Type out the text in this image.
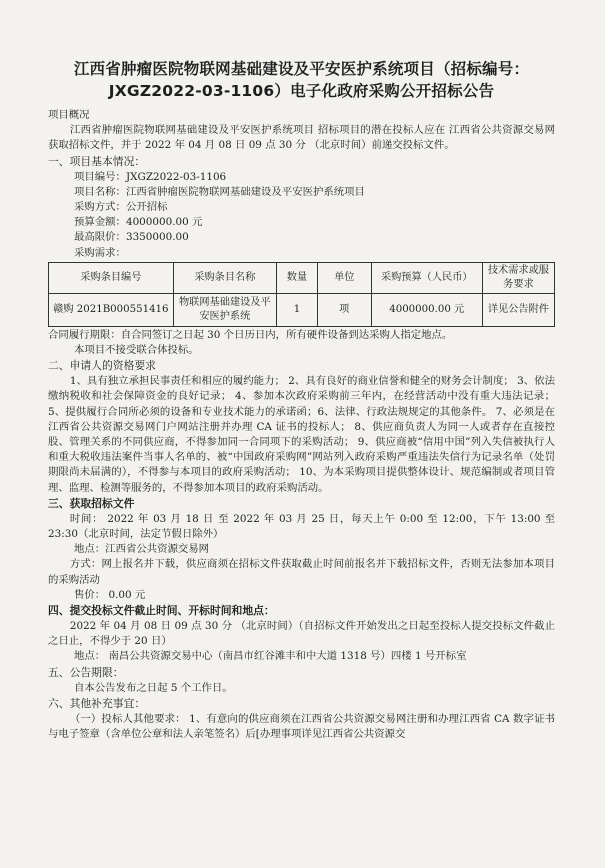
江西省肿瘤医院物联网基础建设及平安医护系统项目（招标编号：
JXGZ2022-03-1106）电子化政府采购公开招标公告
项目概况

江西省肿瘤医院物联网基础建设及平安医护系统项目 招标项目的潜在投标人应在 江西省公共资源交易网 获取招标文件，并于 2022 年 04 月 08 日 09 点 30 分 （北京时间）前递交投标文件。

一、项目基本情况：
项目编号：JXGZ2022-03-1106
项目名称：江西省肿瘤医院物联网基础建设及平安医护系统项目
采购方式：公开招标
预算金额：4000000.00 元
最高限价：3350000.00
采购需求：
采购条目编号	采购条目名称	数量	单位	采购预算（人民币）	技术需求或服务要求
赣购 2021B000551416	物联网基础建设及平安医护系统	1	项	4000000.00 元	详见公告附件
合同履行期限：自合同签订之日起 30 个日历日内，所有硬件设备到达采购人指定地点。
本项目不接受联合体投标。
二、申请人的资格要求

1、具有独立承担民事责任和相应的履约能力； 2、具有良好的商业信誉和健全的财务会计制度； 3、依法缴纳税收和社会保障资金的良好记录； 4、参加本次政府采购前三年内，在经营活动中没有重大违法记录； 5、提供履行合同所必须的设备和专业技术能力的承诺函；6、法律、行政法规规定的其他条件。 7、必须是在江西省公共资源交易网门户网站注册并办理 CA 证书的投标人； 8、供应商负责人为同一人或者存在直接控股、管理关系的不同供应商，不得参加同一合同项下的采购活动； 9、供应商被“信用中国”列入失信被执行人和重大税收违法案件当事人名单的、被“中国政府采购网”网站列入政府采购严重违法失信行为记录名单（处罚期限尚未届满的），不得参与本项目的政府采购活动； 10、为本采购项目提供整体设计、规范编制或者项目管理、监理、检测等服务的，不得参加本项目的政府采购活动。

三、获取招标文件

时间： 2022 年 03 月 18 日 至 2022 年 03 月 25 日，每天上午 0:00 至 12:00，下午 13:00 至 23:30（北京时间，法定节假日除外）

地点：江西省公共资源交易网

方式：网上报名并下载，供应商须在招标文件获取截止时间前报名并下载招标文件，否则无法参加本项目的采购活动

售价： 0.00 元
四、提交投标文件截止时间、开标时间和地点：

2022 年 04 月 08 日 09 点 30 分 （北京时间）（自招标文件开始发出之日起至投标人提交投标文件截止之日止，不得少于 20 日）

地点： 南昌公共资源交易中心（南昌市红谷滩丰和中大道 1318 号）四楼 1 号开标室
五、公告期限：
自本公告发布之日起 5 个工作日。
六、其他补充事宜：

（一）投标人其他要求： 1、有意向的供应商须在江西省公共资源交易网注册和办理江西省 CA 数字证书与电子签章（含单位公章和法人亲笔签名）后[办理事项详见江西省公共资源交
